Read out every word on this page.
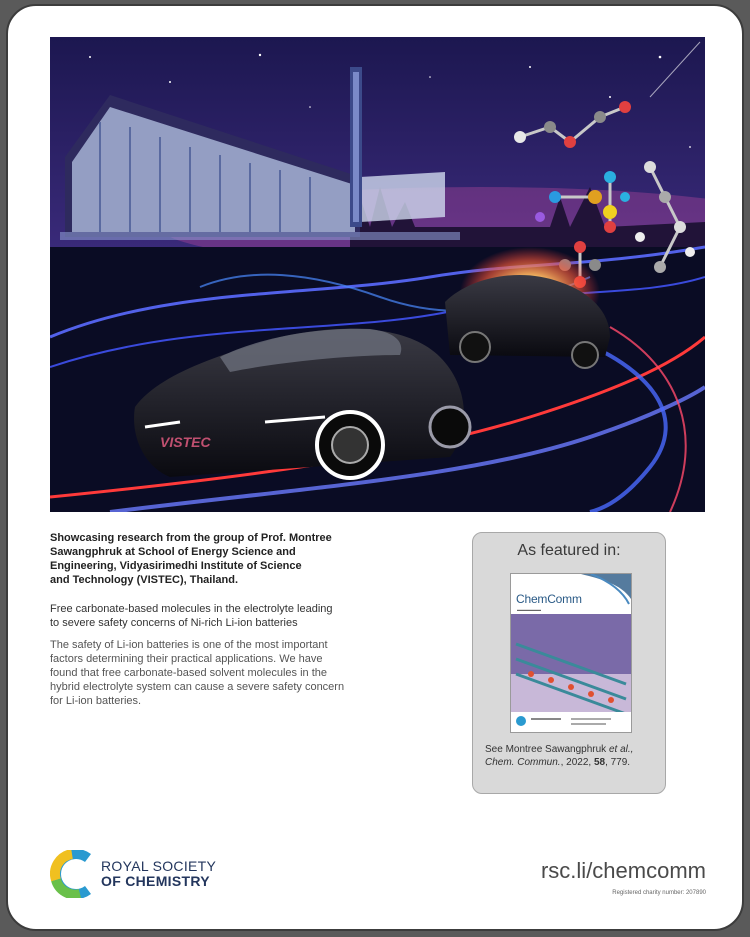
VISTEC
Showcasing research from the group of Prof. Montree
Sawangphruk at School of Energy Science and
Engineering, Vidyasirimedhi Institute of Science
and Technology (VISTEC), Thailand.
Free carbonate-based molecules in the electrolyte leading
to severe safety concerns of Ni-rich Li-ion batteries
The safety of Li-ion batteries is one of the most important
factors determining their practical applications. We have
found that free carbonate-based solvent molecules in the
hybrid electrolyte system can cause a severe safety concern
for Li-ion batteries.
As featured in:
ChemComm
▬▬▬▬▬▬
See Montree Sawangphruk et al.,
Chem. Commun., 2022, 58, 779.
ROYAL SOCIETY
OF CHEMISTRY	rsc.li/chemcomm
Registered charity number: 207890
